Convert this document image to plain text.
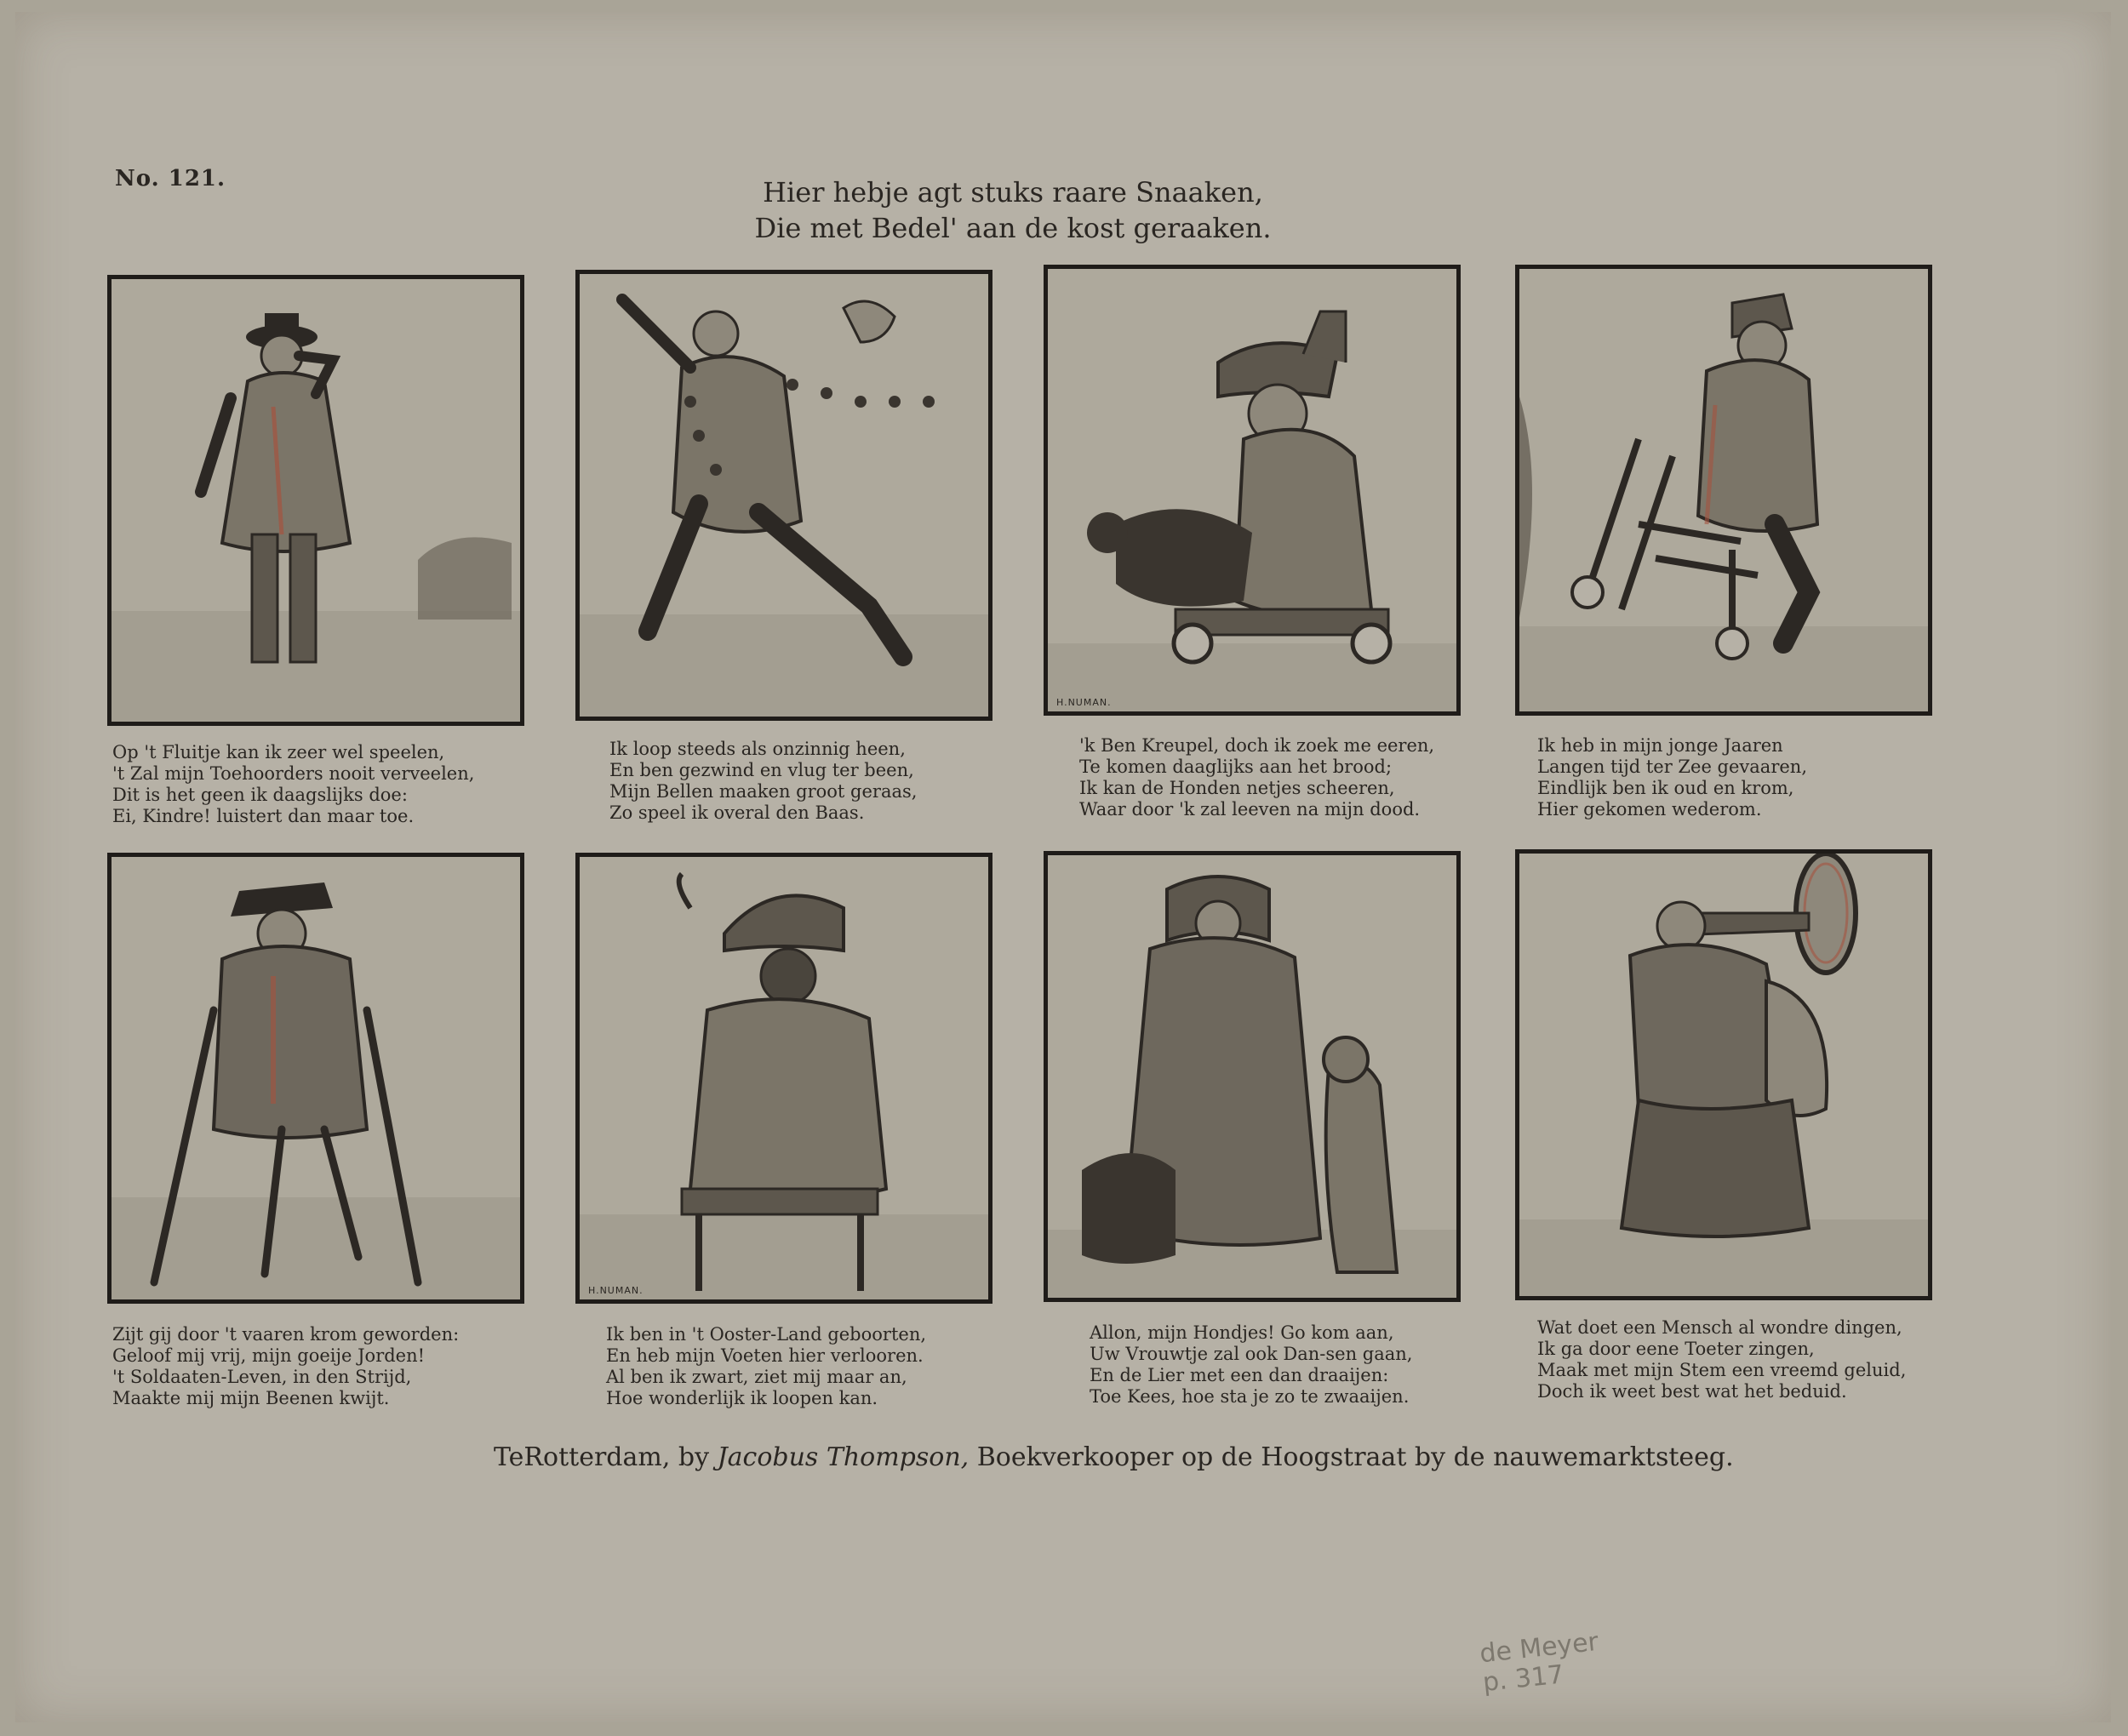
No. 121.	Hier hebje agt stuks raare Snaaken,
Die met Bedel' aan de kost geraaken.
H.NUMAN.
Op 't Fluitje kan ik zeer wel speelen,
't Zal mijn Toehoorders nooit verveelen,
Dit is het geen ik daagslijks doe:
Ei, Kindre! luistert dan maar toe.
Ik loop steeds als onzinnig heen,
En ben gezwind en vlug ter been,
Mijn Bellen maaken groot geraas,
Zo speel ik overal den Baas.
'k Ben Kreupel, doch ik zoek me eeren,
Te komen daaglijks aan het brood;
Ik kan de Honden netjes scheeren,
Waar door 'k zal leeven na mijn dood.
Ik heb in mijn jonge Jaaren
Langen tijd ter Zee gevaaren,
Eindlijk ben ik oud en krom,
Hier gekomen wederom.
H.NUMAN.
Zijt gij door 't vaaren krom geworden:
Geloof mij vrij, mijn goeije Jorden!
't Soldaaten-Leven, in den Strijd,
Maakte mij mijn Beenen kwijt.
Ik ben in 't Ooster-Land geboorten,
En heb mijn Voeten hier verlooren.
Al ben ik zwart, ziet mij maar an,
Hoe wonderlijk ik loopen kan.
Allon, mijn Hondjes! Go kom aan,
Uw Vrouwtje zal ook Dan-sen gaan,
En de Lier met een dan draaijen:
Toe Kees, hoe sta je zo te zwaaijen.
Wat doet een Mensch al wondre dingen,
Ik ga door eene Toeter zingen,
Maak met mijn Stem een vreemd geluid,
Doch ik weet best wat het beduid.
TeRotterdam, by Jacobus Thompson, Boekverkooper op de Hoogstraat by de nauwemarktsteeg.
de Meyer
p. 317
